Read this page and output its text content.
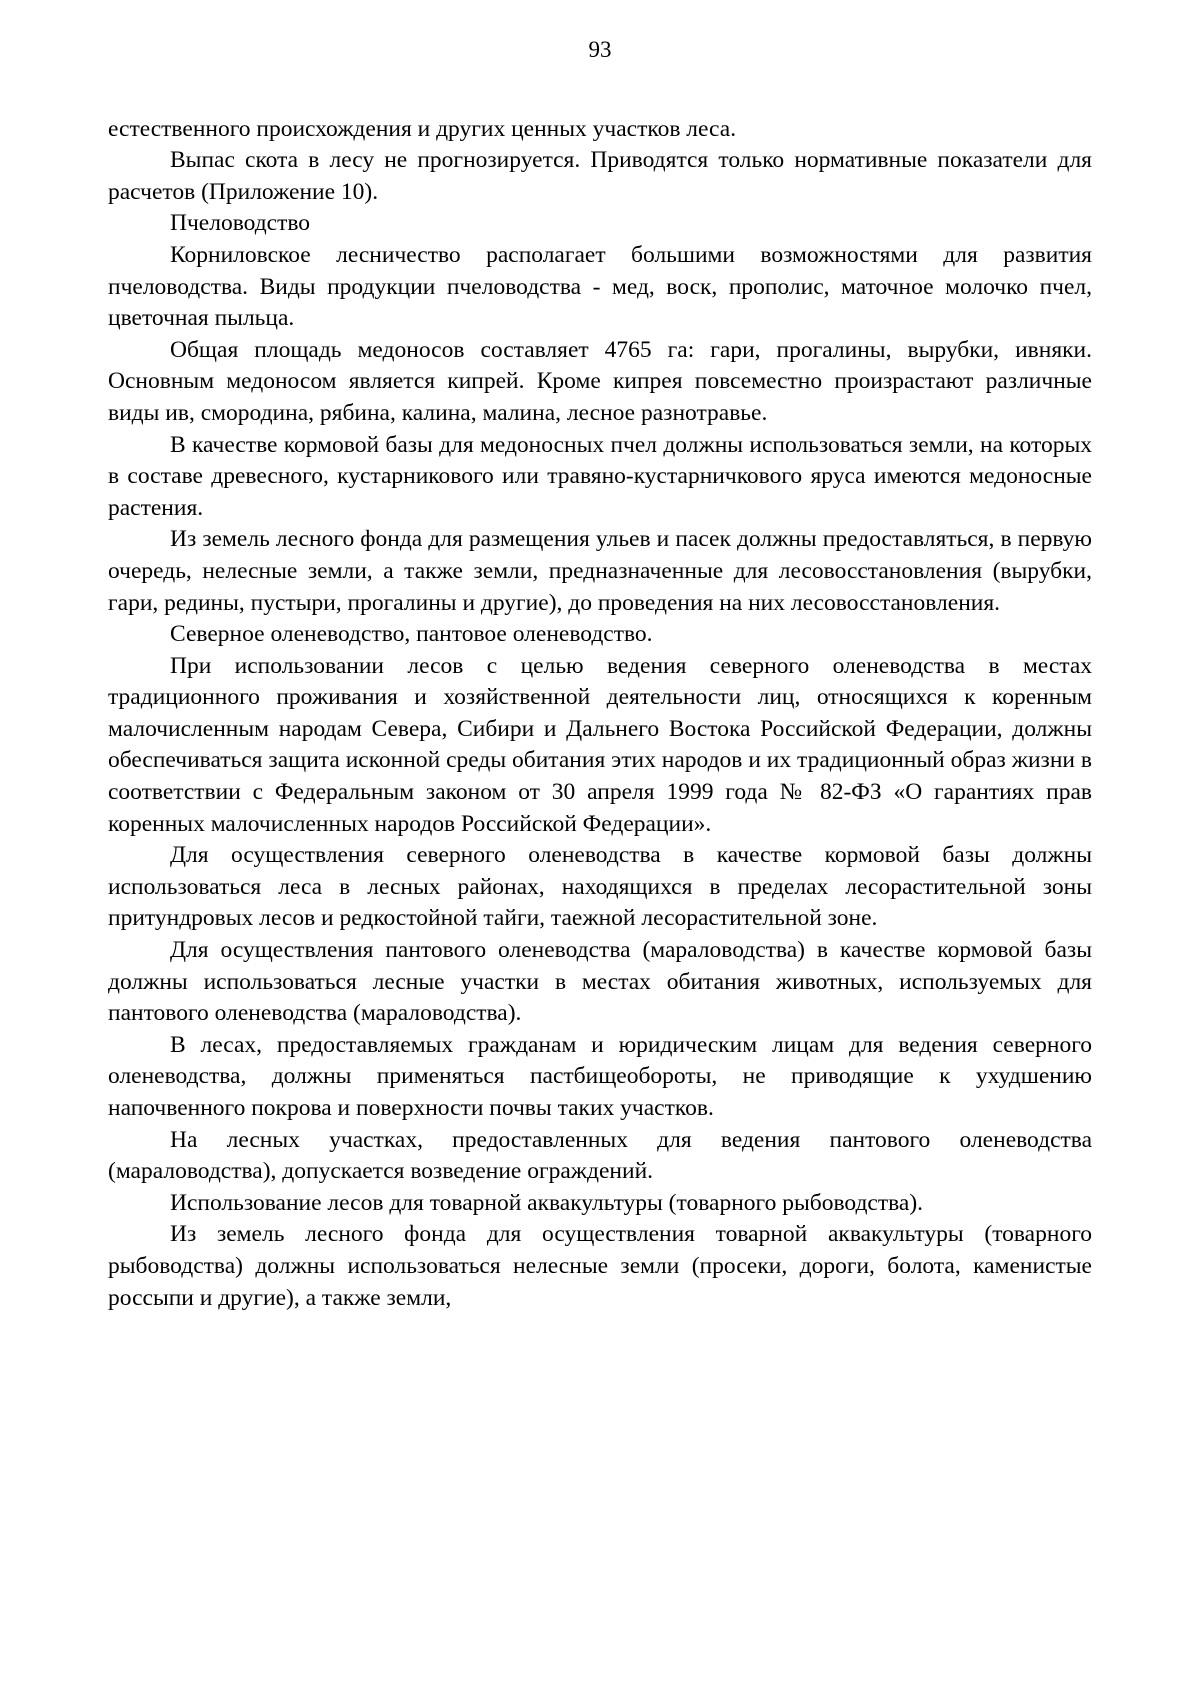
93

естественного происхождения и других ценных участков леса.

Выпас скота в лесу не прогнозируется. Приводятся только нормативные показатели для расчетов (Приложение 10).

Пчеловодство

Корниловское лесничество располагает большими возможностями для развития пчеловодства. Виды продукции пчеловодства - мед, воск, прополис, маточное молочко пчел, цветочная пыльца.

Общая площадь медоносов составляет 4765 га: гари, прогалины, вырубки, ивняки. Основным медоносом является кипрей. Кроме кипрея повсеместно произрастают различные виды ив, смородина, рябина, калина, малина, лесное разнотравье.

В качестве кормовой базы для медоносных пчел должны использоваться земли, на которых в составе древесного, кустарникового или травяно-кустарничкового яруса имеются медоносные растения.

Из земель лесного фонда для размещения ульев и пасек должны предоставляться, в первую очередь, нелесные земли, а также земли, предназначенные для лесовосстановления (вырубки, гари, редины, пустыри, прогалины и другие), до проведения на них лесовосстановления.

Северное оленеводство, пантовое оленеводство.

При использовании лесов с целью ведения северного оленеводства в местах традиционного проживания и хозяйственной деятельности лиц, относящихся к коренным малочисленным народам Севера, Сибири и Дальнего Востока Российской Федерации, должны обеспечиваться защита исконной среды обитания этих народов и их традиционный образ жизни в соответствии с Федеральным законом от 30 апреля 1999 года № 82-ФЗ «О гарантиях прав коренных малочисленных народов Российской Федерации».

Для осуществления северного оленеводства в качестве кормовой базы должны использоваться леса в лесных районах, находящихся в пределах лесорастительной зоны притундровых лесов и редкостойной тайги, таежной лесорастительной зоне.

Для осуществления пантового оленеводства (мараловодства) в качестве кормовой базы должны использоваться лесные участки в местах обитания животных, используемых для пантового оленеводства (мараловодства).

В лесах, предоставляемых гражданам и юридическим лицам для ведения северного оленеводства, должны применяться пастбищеобороты, не приводящие к ухудшению напочвенного покрова и поверхности почвы таких участков.

На лесных участках, предоставленных для ведения пантового оленеводства (мараловодства), допускается возведение ограждений.

Использование лесов для товарной аквакультуры (товарного рыбоводства).

Из земель лесного фонда для осуществления товарной аквакультуры (товарного рыбоводства) должны использоваться нелесные земли (просеки, дороги, болота, каменистые россыпи и другие), а также земли,
